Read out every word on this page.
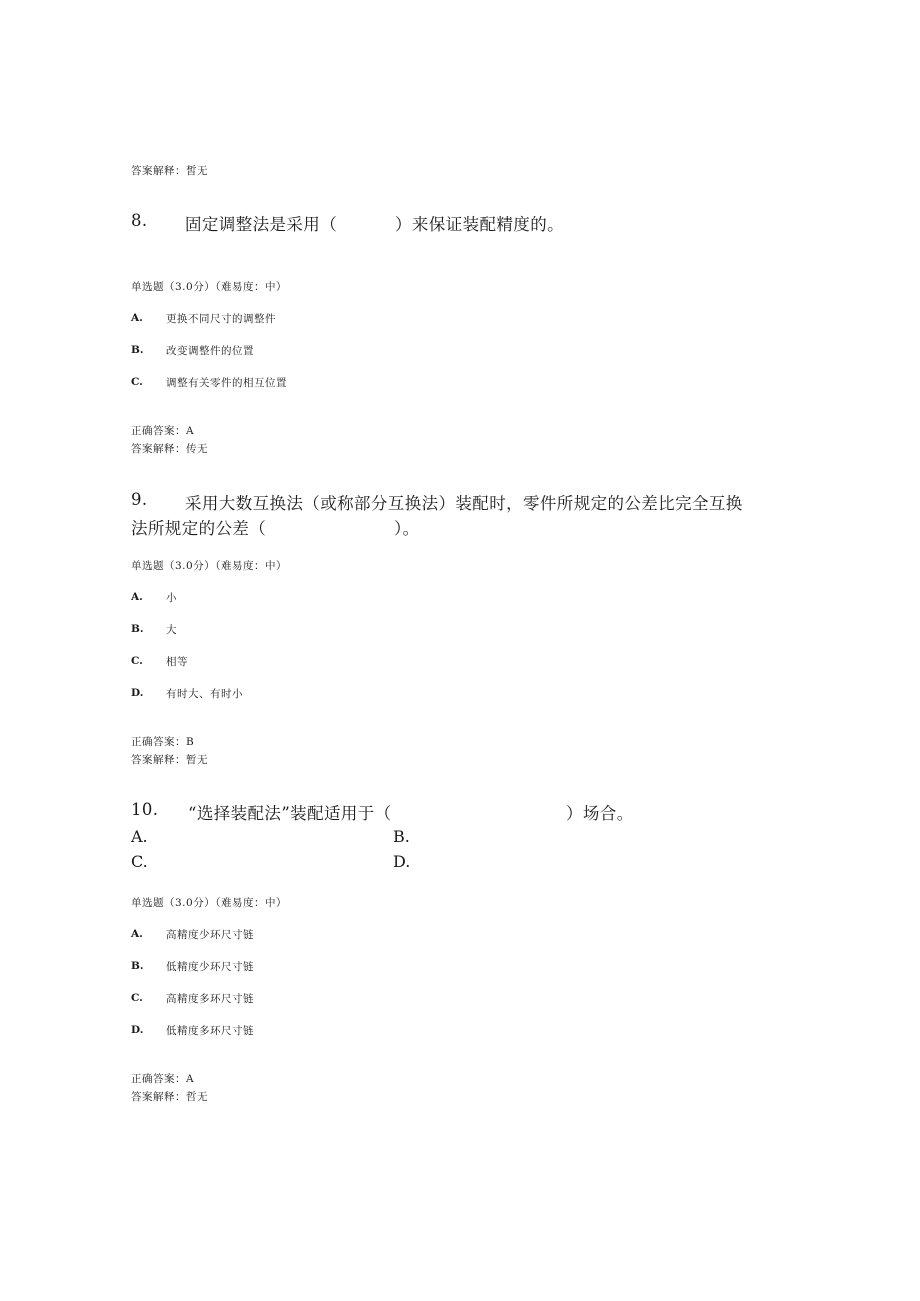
答案解释：皙无
8. 固定调整法是采用（	）来保证装配精度的。
单选题（3.0分）（难易度：中）
A. 更换不同尺寸的调整件
B. 改变调整件的位置
C. 调整有关零件的相互位置
正确答案：A
答案解释：传无
9. 采用大数互换法（或称部分互换法）装配时，零件所规定的公差比完全互换
法所规定的公差（	）。
单选题（3.0分）（难易度：中）
A. 小
B. 大
C. 相等
D. 有时大、有时小
正确答案：B
答案解释：暂无
10. “选择装配法”装配适用于（	）场合。
A.	B.
C.	D.
单选题（3.0分）（难易度：中）
A. 高精度少环尺寸链
B. 低精度少环尺寸链
C. 高精度多环尺寸链
D. 低精度多环尺寸链
正确答案：A
答案解释：哲无
